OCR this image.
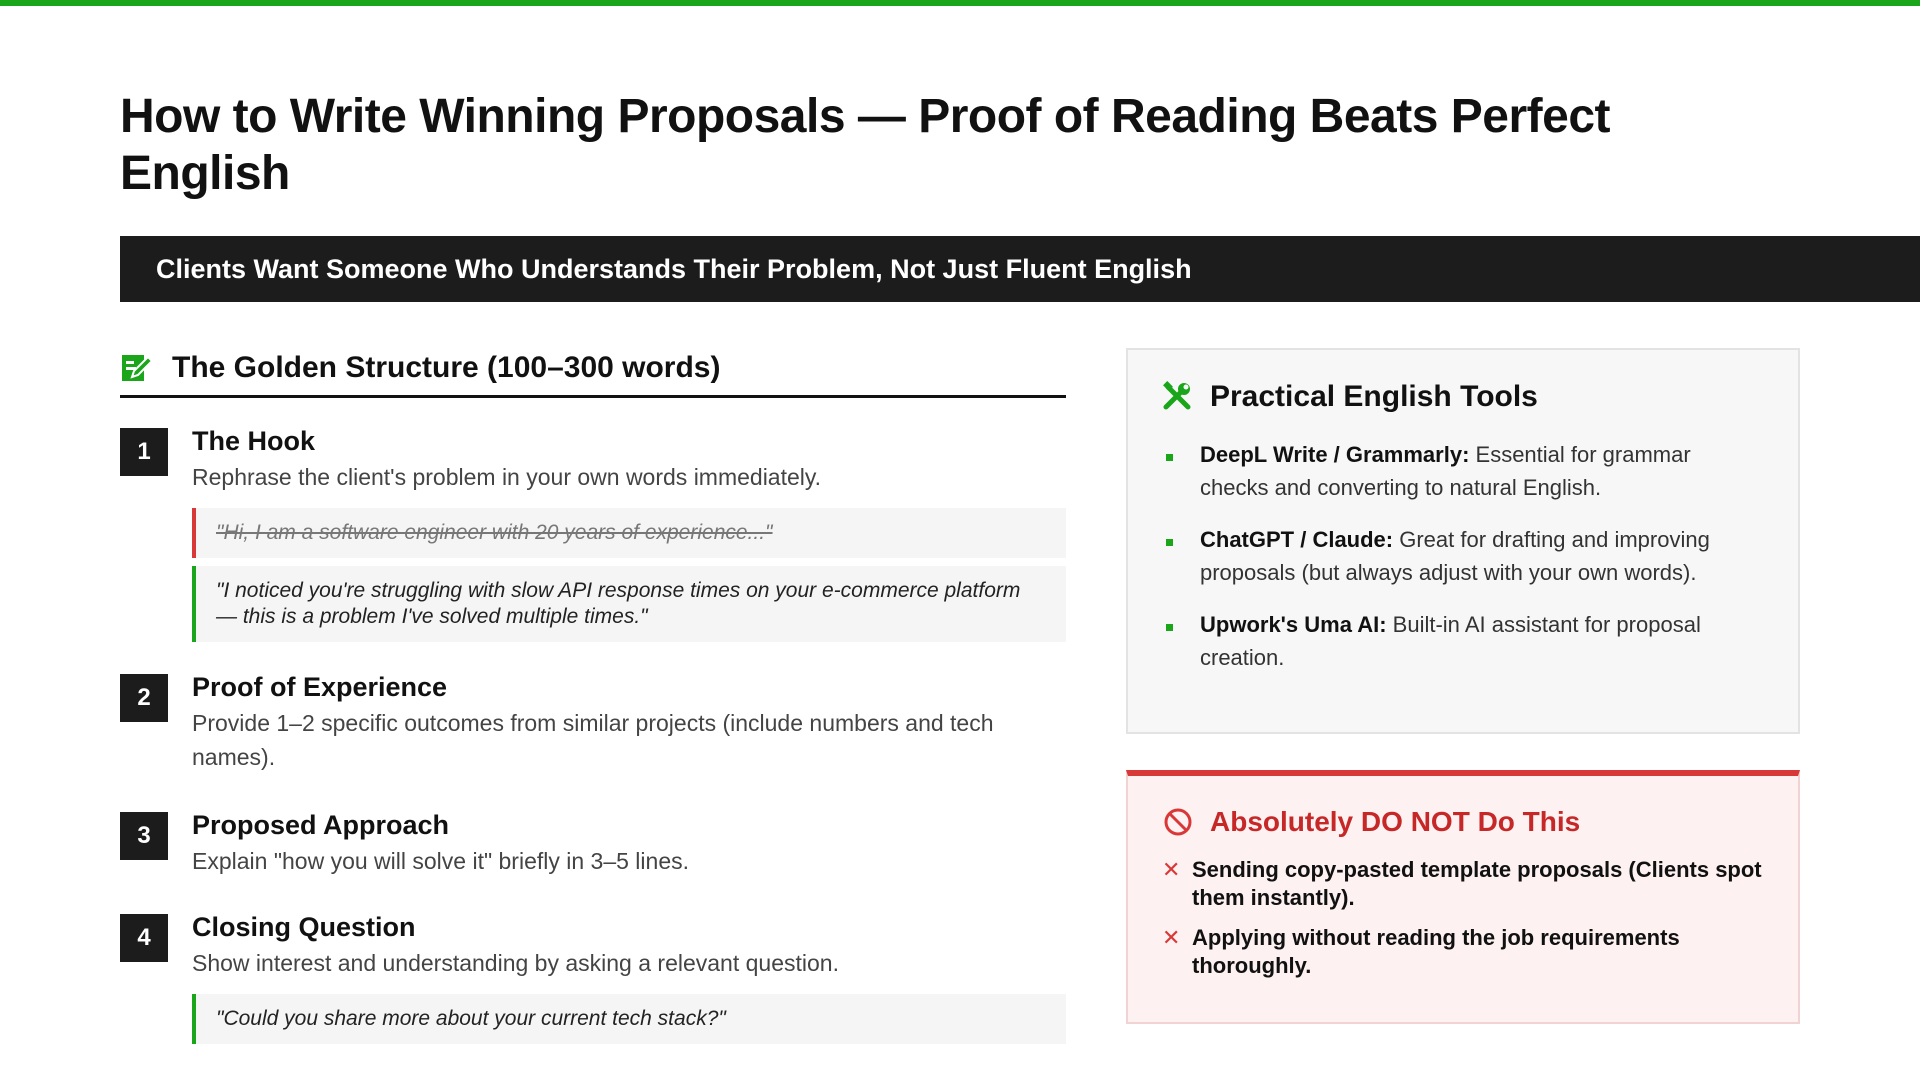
How to Write Winning Proposals — Proof of Reading Beats Perfect English
Clients Want Someone Who Understands Their Problem, Not Just Fluent English
The Golden Structure (100–300 words)
1	The Hook
Rephrase the client's problem in your own words immediately.
"Hi, I am a software engineer with 20 years of experience..."
"I noticed you're struggling with slow API response times on your e-commerce platform — this is a problem I've solved multiple times."
2	Proof of Experience
Provide 1–2 specific outcomes from similar projects (include numbers and tech names).
3	Proposed Approach
Explain "how you will solve it" briefly in 3–5 lines.
4	Closing Question
Show interest and understanding by asking a relevant question.
"Could you share more about your current tech stack?"
Practical English Tools
DeepL Write / Grammarly: Essential for grammar checks and converting to natural English.
ChatGPT / Claude: Great for drafting and improving proposals (but always adjust with your own words).
Upwork's Uma AI: Built-in AI assistant for proposal creation.
Absolutely DO NOT Do This
✕ Sending copy-pasted template proposals (Clients spot them instantly).
✕ Applying without reading the job requirements thoroughly.
